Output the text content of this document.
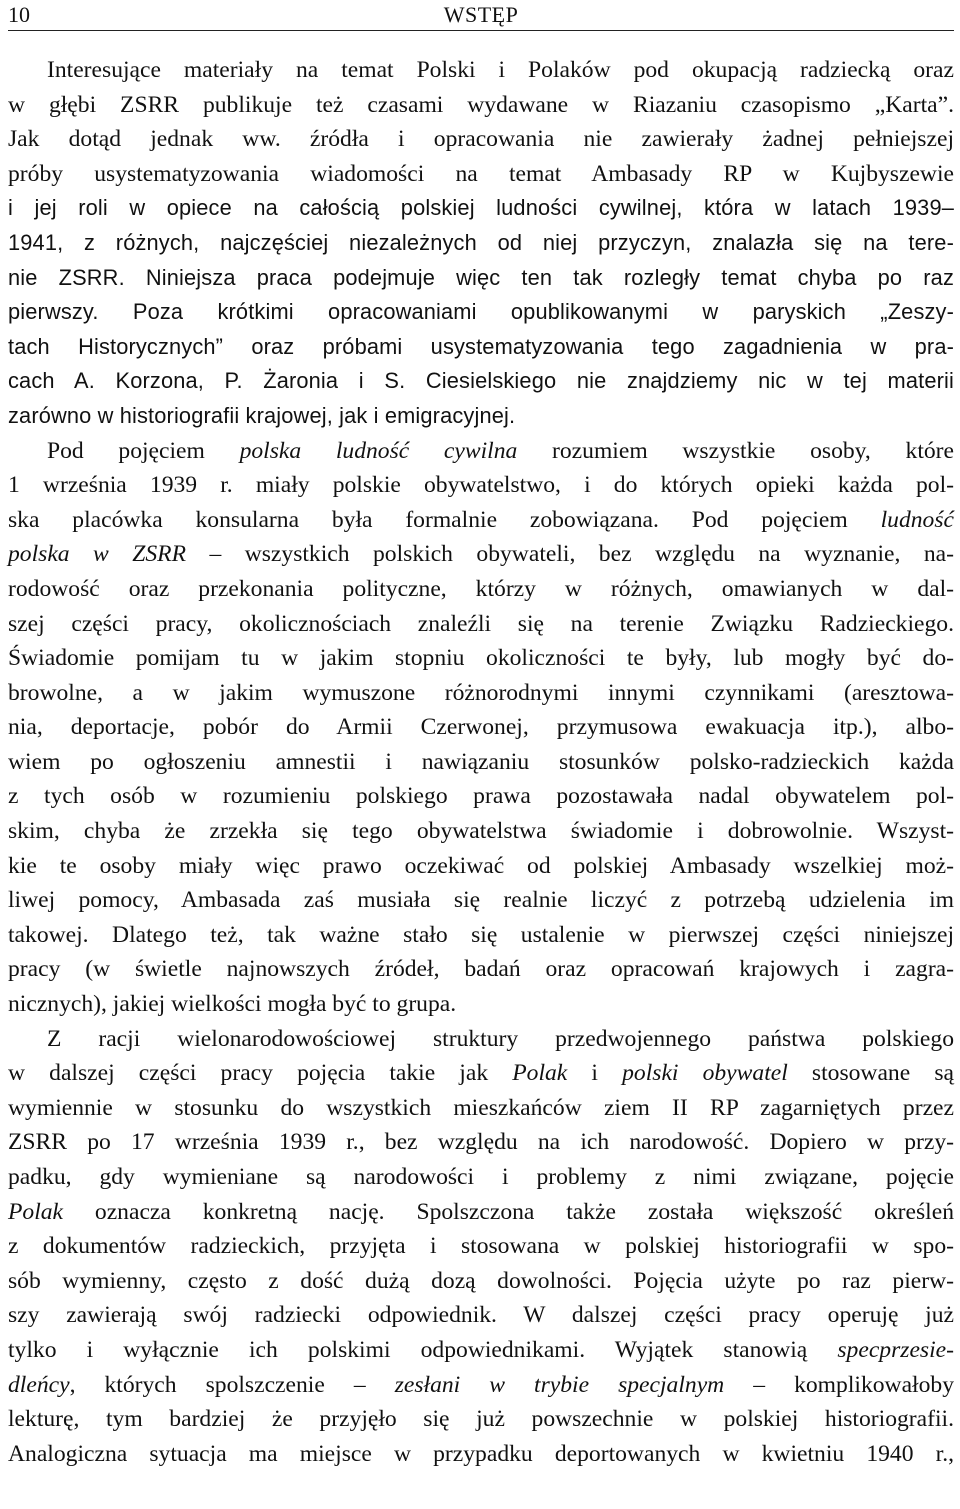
10	WSTĘP
Interesujące materiały na temat Polski i Polaków pod okupacją radziecką oraz
w głębi ZSRR publikuje też czasami wydawane w Riazaniu czasopismo „Karta”.
Jak dotąd jednak ww. źródła i opracowania nie zawierały żadnej pełniejszej
próby usystematyzowania wiadomości na temat Ambasady RP w Kujbyszewie
i jej roli w opiece na całością polskiej ludności cywilnej, która w latach 1939–
1941, z różnych, najczęściej niezależnych od niej przyczyn, znalazła się na tere-
nie ZSRR. Niniejsza praca podejmuje więc ten tak rozległy temat chyba po raz
pierwszy. Poza krótkimi opracowaniami opublikowanymi w paryskich „Zeszy-
tach Historycznych” oraz próbami usystematyzowania tego zagadnienia w pra-
cach A. Korzona, P. Żaronia i S. Ciesielskiego nie znajdziemy nic w tej materii
zarówno w historiografii krajowej, jak i emigracyjnej.
Pod pojęciem polska ludność cywilna rozumiem wszystkie osoby, które
1 września 1939 r. miały polskie obywatelstwo, i do których opieki każda pol-
ska placówka konsularna była formalnie zobowiązana. Pod pojęciem ludność
polska w ZSRR – wszystkich polskich obywateli, bez względu na wyznanie, na-
rodowość oraz przekonania polityczne, którzy w różnych, omawianych w dal-
szej części pracy, okolicznościach znaleźli się na terenie Związku Radzieckiego.
Świadomie pomijam tu w jakim stopniu okoliczności te były, lub mogły być do-
browolne, a w jakim wymuszone różnorodnymi innymi czynnikami (aresztowa-
nia, deportacje, pobór do Armii Czerwonej, przymusowa ewakuacja itp.), albo-
wiem po ogłoszeniu amnestii i nawiązaniu stosunków polsko-radzieckich każda
z tych osób w rozumieniu polskiego prawa pozostawała nadal obywatelem pol-
skim, chyba że zrzekła się tego obywatelstwa świadomie i dobrowolnie. Wszyst-
kie te osoby miały więc prawo oczekiwać od polskiej Ambasady wszelkiej moż-
liwej pomocy, Ambasada zaś musiała się realnie liczyć z potrzebą udzielenia im
takowej. Dlatego też, tak ważne stało się ustalenie w pierwszej części niniejszej
pracy (w świetle najnowszych źródeł, badań oraz opracowań krajowych i zagra-
nicznych), jakiej wielkości mogła być to grupa.
Z racji wielonarodowościowej struktury przedwojennego państwa polskiego
w dalszej części pracy pojęcia takie jak Polak i polski obywatel stosowane są
wymiennie w stosunku do wszystkich mieszkańców ziem II RP zagarniętych przez
ZSRR po 17 września 1939 r., bez względu na ich narodowość. Dopiero w przy-
padku, gdy wymieniane są narodowości i problemy z nimi związane, pojęcie
Polak oznacza konkretną nację. Spolszczona także została większość określeń
z dokumentów radzieckich, przyjęta i stosowana w polskiej historiografii w spo-
sób wymienny, często z dość dużą dozą dowolności. Pojęcia użyte po raz pierw-
szy zawierają swój radziecki odpowiednik. W dalszej części pracy operuję już
tylko i wyłącznie ich polskimi odpowiednikami. Wyjątek stanowią specprzesie-
dleńcy, których spolszczenie – zesłani w trybie specjalnym – komplikowałoby
lekturę, tym bardziej że przyjęło się już powszechnie w polskiej historiografii.
Analogiczna sytuacja ma miejsce w przypadku deportowanych w kwietniu 1940 r.,
